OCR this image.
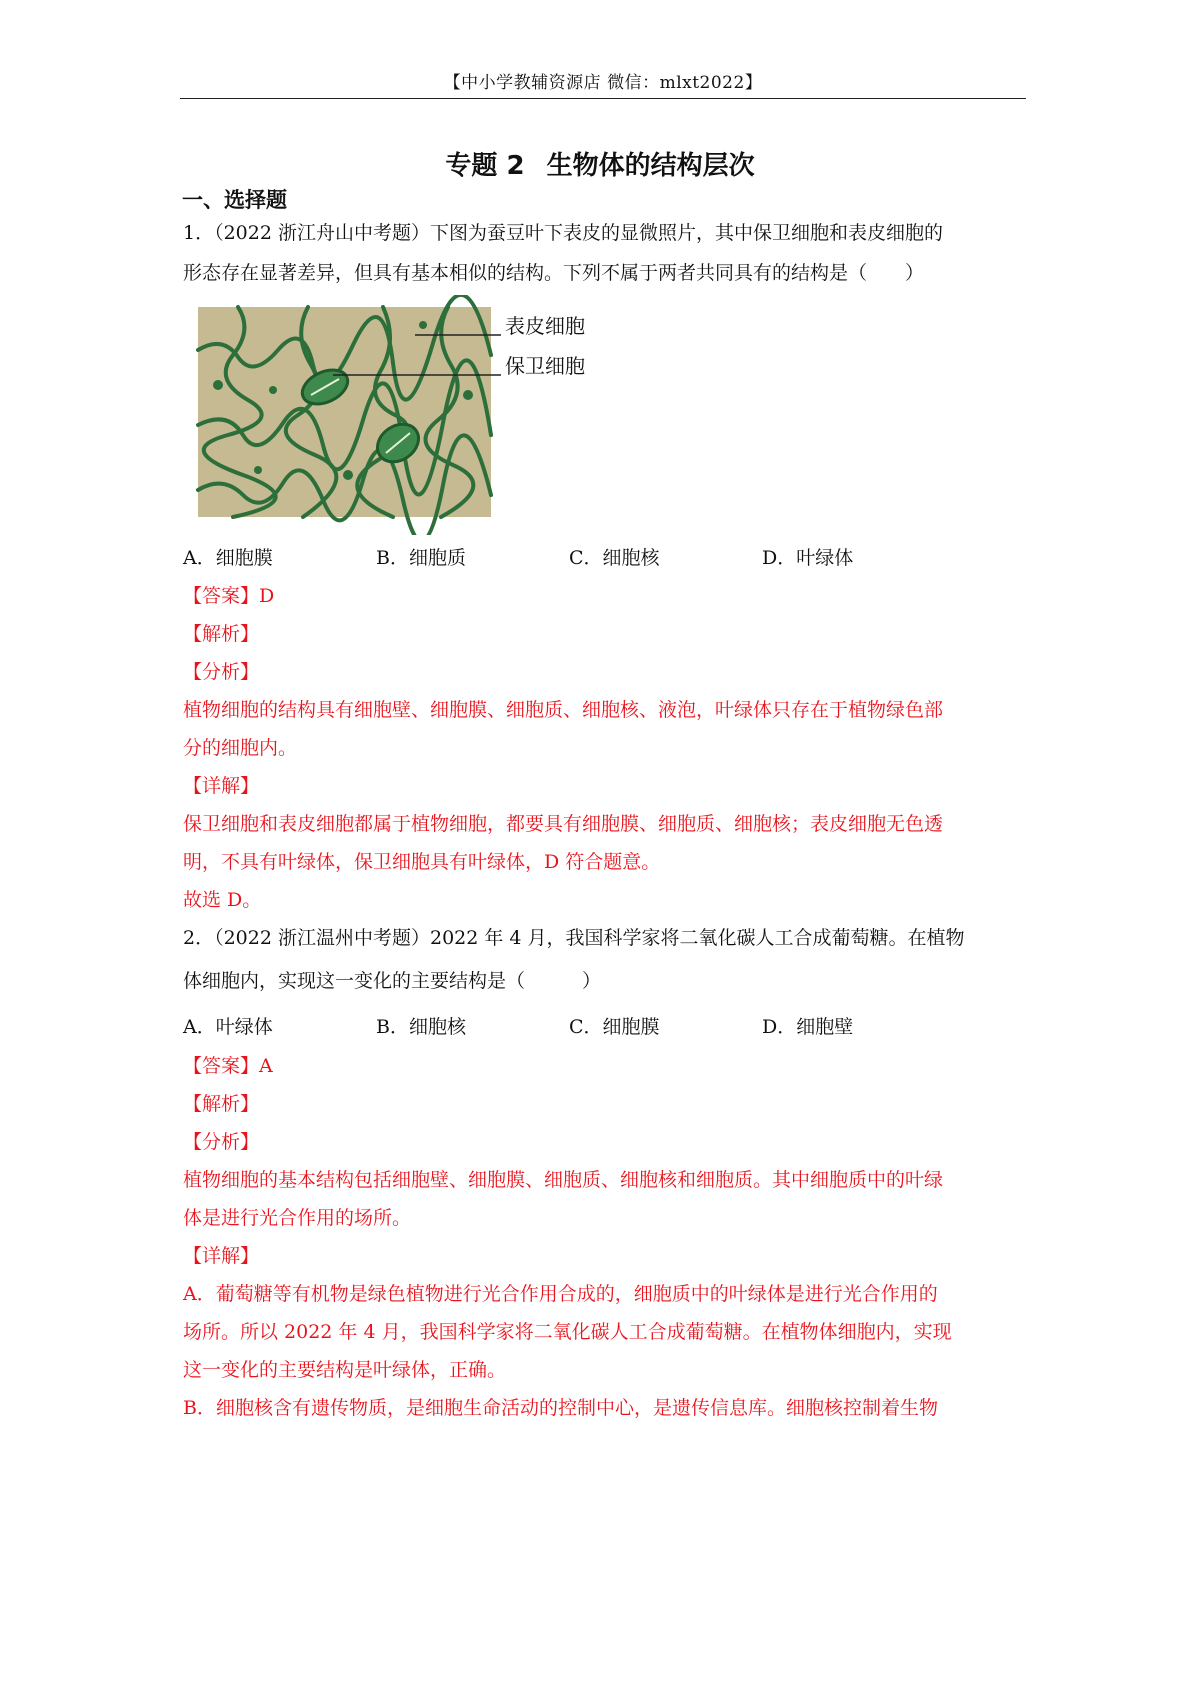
【中小学教辅资源店 微信：mlxt2022】
专题 2 生物体的结构层次
一、选择题
1．（2022 浙江舟山中考题）下图为蚕豆叶下表皮的显微照片，其中保卫细胞和表皮细胞的
形态存在显著差异，但具有基本相似的结构。下列不属于两者共同具有的结构是（　　）
表皮细胞
保卫细胞
A．细胞膜	B．细胞质	C．细胞核	D．叶绿体
【答案】D
【解析】
【分析】
植物细胞的结构具有细胞壁、细胞膜、细胞质、细胞核、液泡，叶绿体只存在于植物绿色部
分的细胞内。
【详解】
保卫细胞和表皮细胞都属于植物细胞，都要具有细胞膜、细胞质、细胞核；表皮细胞无色透
明，不具有叶绿体，保卫细胞具有叶绿体，D 符合题意。
故选 D。
2．（2022 浙江温州中考题）2022 年 4 月，我国科学家将二氧化碳人工合成葡萄糖。在植物
体细胞内，实现这一变化的主要结构是（　　　）
A．叶绿体	B．细胞核	C．细胞膜	D．细胞壁
【答案】A
【解析】
【分析】
植物细胞的基本结构包括细胞壁、细胞膜、细胞质、细胞核和细胞质。其中细胞质中的叶绿
体是进行光合作用的场所。
【详解】
A．葡萄糖等有机物是绿色植物进行光合作用合成的，细胞质中的叶绿体是进行光合作用的
场所。所以 2022 年 4 月，我国科学家将二氧化碳人工合成葡萄糖。在植物体细胞内，实现
这一变化的主要结构是叶绿体，正确。
B．细胞核含有遗传物质，是细胞生命活动的控制中心，是遗传信息库。细胞核控制着生物
